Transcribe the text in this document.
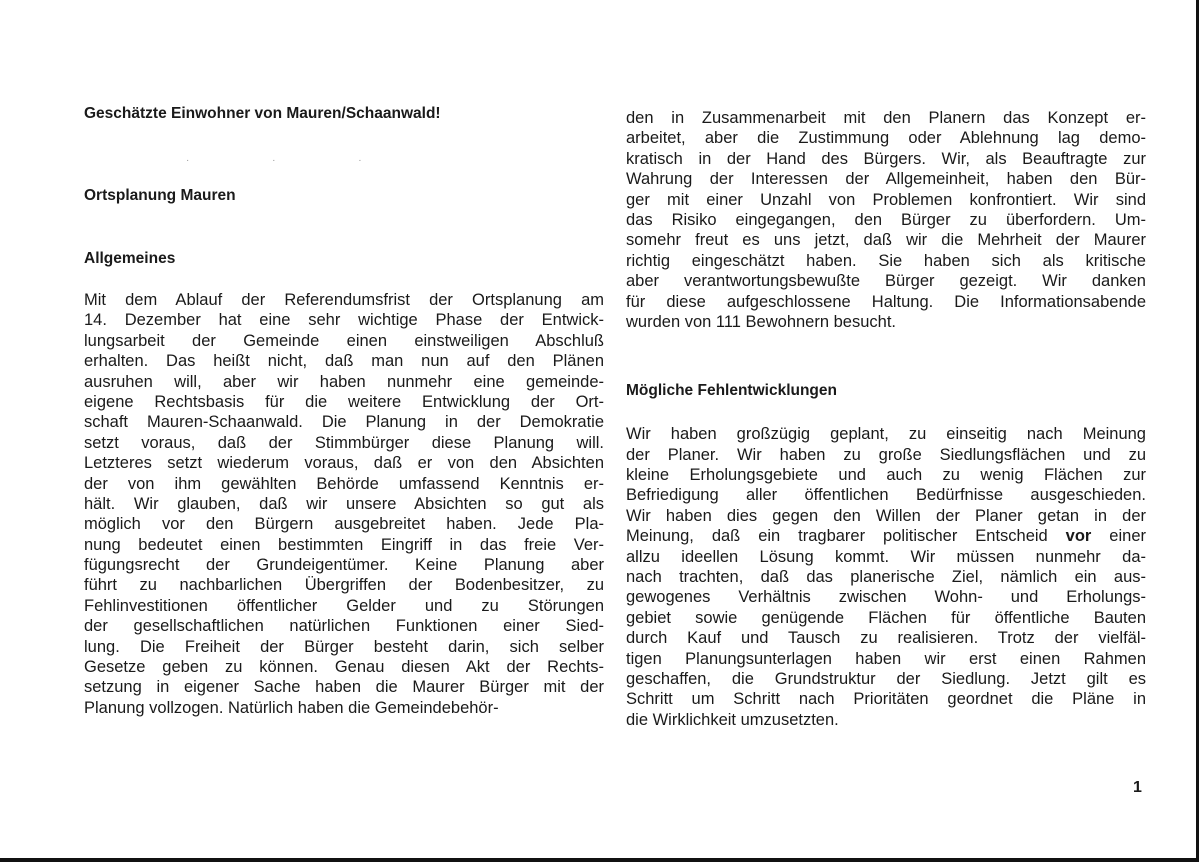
· · ·

Geschätzte Einwohner von Mauren/Schaanwald!

Ortsplanung Mauren

Allgemeines

Mit dem Ablauf der Referendumsfrist der Ortsplanung am
14. Dezember hat eine sehr wichtige Phase der Entwick-
lungsarbeit der Gemeinde einen einstweiligen Abschluß
erhalten. Das heißt nicht, daß man nun auf den Plänen
ausruhen will, aber wir haben nunmehr eine gemeinde-
eigene Rechtsbasis für die weitere Entwicklung der Ort-
schaft Mauren-Schaanwald. Die Planung in der Demokratie
setzt voraus, daß der Stimmbürger diese Planung will.
Letzteres setzt wiederum voraus, daß er von den Absichten
der von ihm gewählten Behörde umfassend Kenntnis er-
hält. Wir glauben, daß wir unsere Absichten so gut als
möglich vor den Bürgern ausgebreitet haben. Jede Pla-
nung bedeutet einen bestimmten Eingriff in das freie Ver-
fügungsrecht der Grundeigentümer. Keine Planung aber
führt zu nachbarlichen Übergriffen der Bodenbesitzer, zu
Fehlinvestitionen öffentlicher Gelder und zu Störungen
der gesellschaftlichen natürlichen Funktionen einer Sied-
lung. Die Freiheit der Bürger besteht darin, sich selber
Gesetze geben zu können. Genau diesen Akt der Rechts-
setzung in eigener Sache haben die Maurer Bürger mit der
Planung vollzogen. Natürlich haben die Gemeindebehör-
den in Zusammenarbeit mit den Planern das Konzept er-
arbeitet, aber die Zustimmung oder Ablehnung lag demo-
kratisch in der Hand des Bürgers. Wir, als Beauftragte zur
Wahrung der Interessen der Allgemeinheit, haben den Bür-
ger mit einer Unzahl von Problemen konfrontiert. Wir sind
das Risiko eingegangen, den Bürger zu überfordern. Um-
somehr freut es uns jetzt, daß wir die Mehrheit der Maurer
richtig eingeschätzt haben. Sie haben sich als kritische
aber verantwortungsbewußte Bürger gezeigt. Wir danken
für diese aufgeschlossene Haltung. Die Informationsabende
wurden von 111 Bewohnern besucht.

Mögliche Fehlentwicklungen

Wir haben großzügig geplant, zu einseitig nach Meinung
der Planer. Wir haben zu große Siedlungsflächen und zu
kleine Erholungsgebiete und auch zu wenig Flächen zur
Befriedigung aller öffentlichen Bedürfnisse ausgeschieden.
Wir haben dies gegen den Willen der Planer getan in der
Meinung, daß ein tragbarer politischer Entscheid vor einer
allzu ideellen Lösung kommt. Wir müssen nunmehr da-
nach trachten, daß das planerische Ziel, nämlich ein aus-
gewogenes Verhältnis zwischen Wohn- und Erholungs-
gebiet sowie genügende Flächen für öffentliche Bauten
durch Kauf und Tausch zu realisieren. Trotz der vielfäl-
tigen Planungsunterlagen haben wir erst einen Rahmen
geschaffen, die Grundstruktur der Siedlung. Jetzt gilt es
Schritt um Schritt nach Prioritäten geordnet die Pläne in
die Wirklichkeit umzusetzten.
1
